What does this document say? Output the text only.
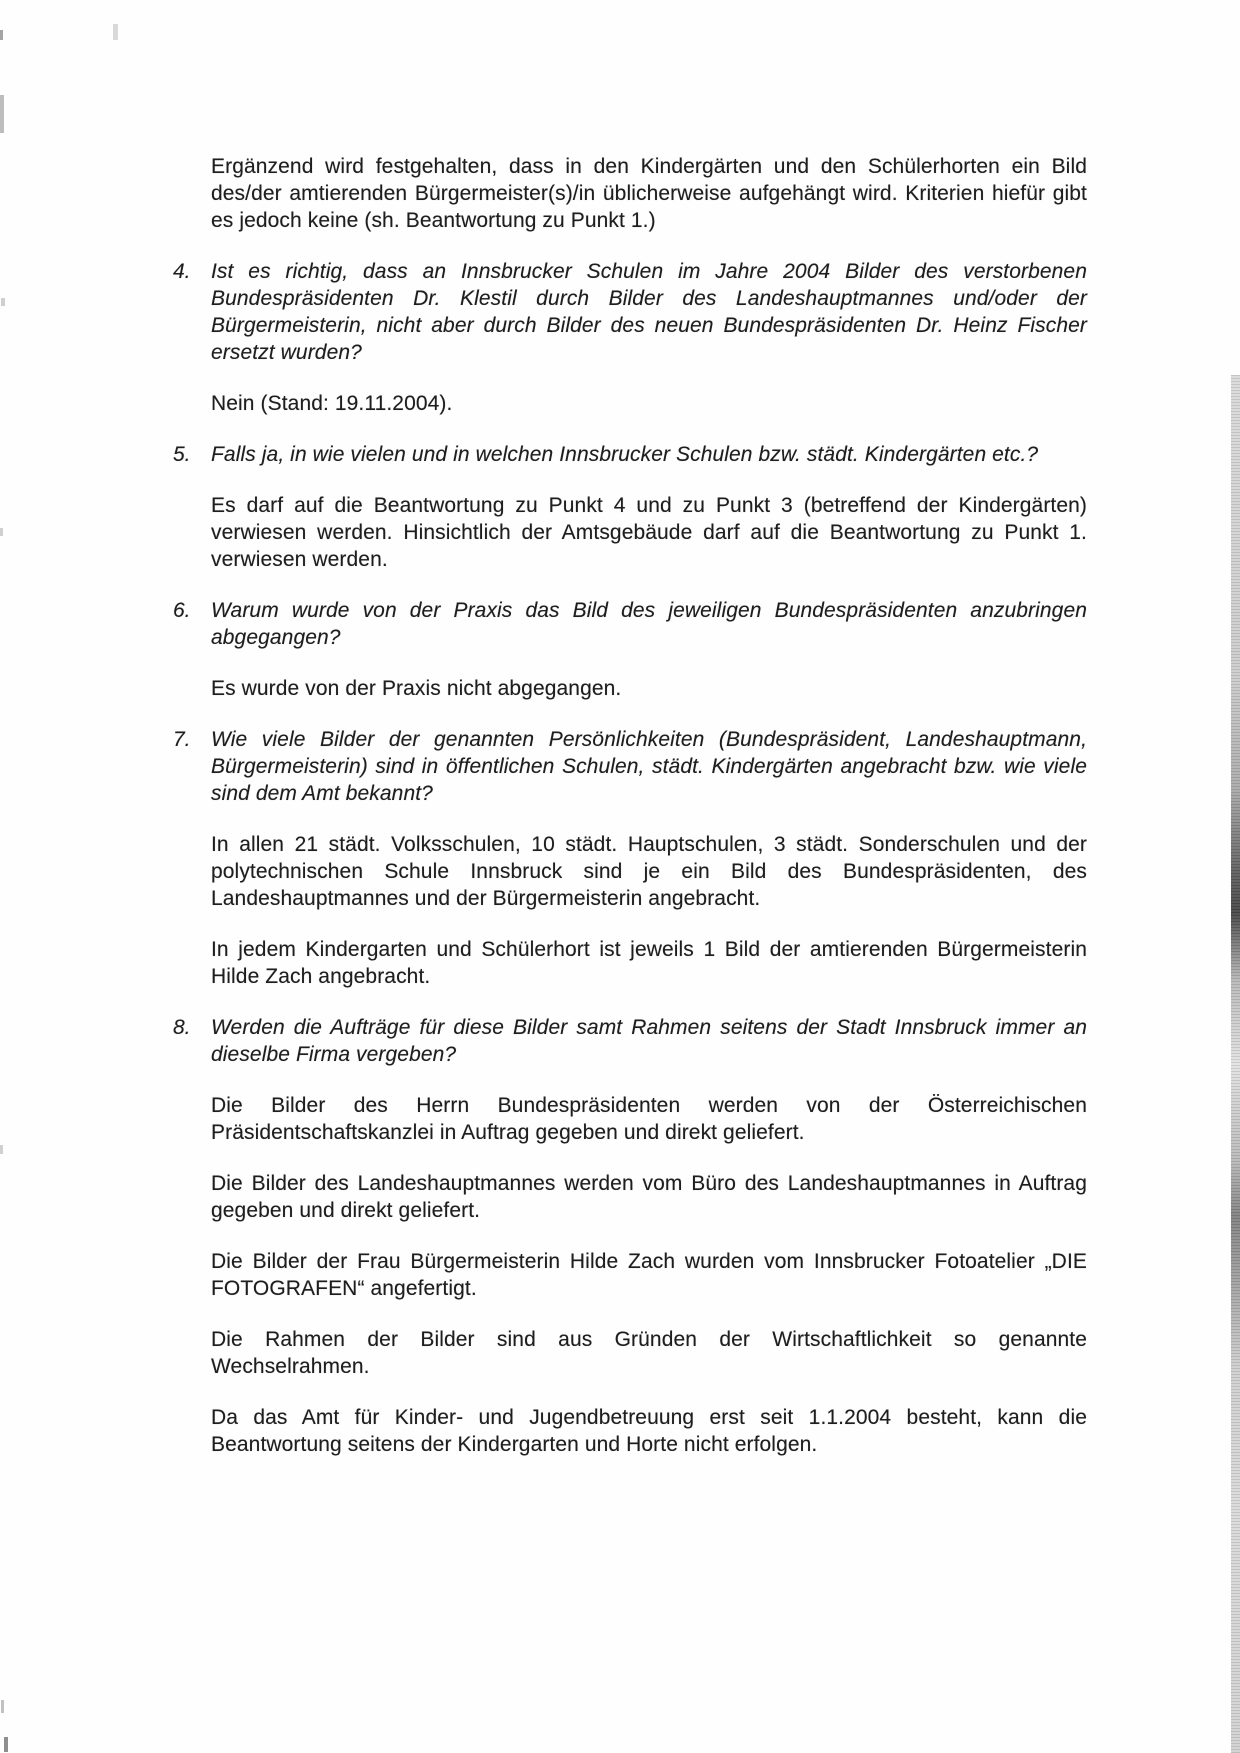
Ergänzend wird festgehalten, dass in den Kindergärten und den Schülerhorten ein Bild des/der amtierenden Bürgermeister(s)/in üblicherweise aufgehängt wird. Kriterien hiefür gibt es jedoch keine (sh. Beantwortung zu Punkt 1.)

4. Ist es richtig, dass an Innsbrucker Schulen im Jahre 2004 Bilder des verstorbenen Bundespräsidenten Dr. Klestil durch Bilder des Landeshauptmannes und/oder der Bürgermeisterin, nicht aber durch Bilder des neuen Bundespräsidenten Dr. Heinz Fischer ersetzt wurden?

Nein (Stand: 19.11.2004).

5. Falls ja, in wie vielen und in welchen Innsbrucker Schulen bzw. städt. Kindergärten etc.?

Es darf auf die Beantwortung zu Punkt 4 und zu Punkt 3 (betreffend der Kindergärten) verwiesen werden. Hinsichtlich der Amtsgebäude darf auf die Beantwortung zu Punkt 1. verwiesen werden.

6. Warum wurde von der Praxis das Bild des jeweiligen Bundespräsidenten anzubringen abgegangen?

Es wurde von der Praxis nicht abgegangen.

7. Wie viele Bilder der genannten Persönlichkeiten (Bundespräsident, Landeshauptmann, Bürgermeisterin) sind in öffentlichen Schulen, städt. Kindergärten angebracht bzw. wie viele sind dem Amt bekannt?

In allen 21 städt. Volksschulen, 10 städt. Hauptschulen, 3 städt. Sonderschulen und der polytechnischen Schule Innsbruck sind je ein Bild des Bundespräsidenten, des Landeshauptmannes und der Bürgermeisterin angebracht.

In jedem Kindergarten und Schülerhort ist jeweils 1 Bild der amtierenden Bürgermeisterin Hilde Zach angebracht.

8. Werden die Aufträge für diese Bilder samt Rahmen seitens der Stadt Innsbruck immer an dieselbe Firma vergeben?

Die Bilder des Herrn Bundespräsidenten werden von der Österreichischen Präsidentschaftskanzlei in Auftrag gegeben und direkt geliefert.

Die Bilder des Landeshauptmannes werden vom Büro des Landeshauptmannes in Auftrag gegeben und direkt geliefert.

Die Bilder der Frau Bürgermeisterin Hilde Zach wurden vom Innsbrucker Fotoatelier „DIE FOTOGRAFEN“ angefertigt.

Die Rahmen der Bilder sind aus Gründen der Wirtschaftlichkeit so genannte Wechselrahmen.

Da das Amt für Kinder- und Jugendbetreuung erst seit 1.1.2004 besteht, kann die Beantwortung seitens der Kindergarten und Horte nicht erfolgen.
